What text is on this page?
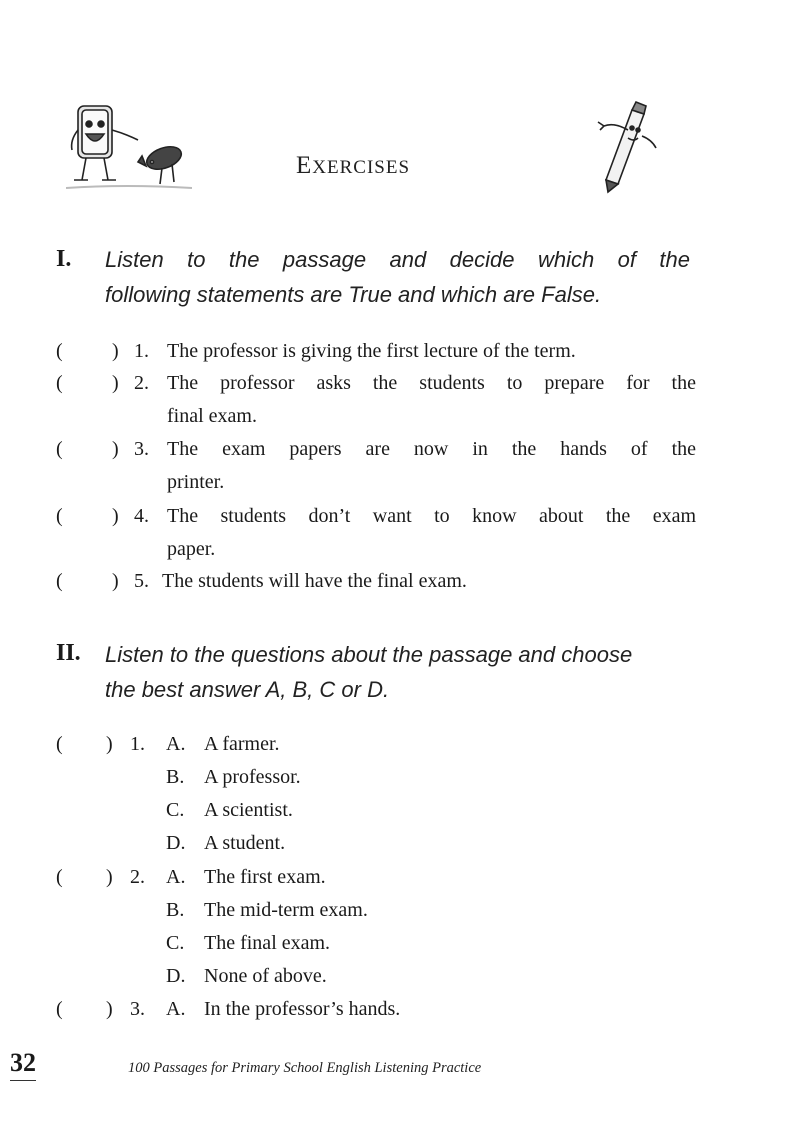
EXERCISES
I. Listen to the passage and decide which of the
following statements are True and which are False.
( ) 1. The professor is giving the first lecture of the term.
( ) 2. The professor asks the students to prepare for the
final exam.
( ) 3. The exam papers are now in the hands of the
printer.
( ) 4. The students don’t want to know about the exam
paper.
( ) 5. The students will have the final exam.
II. Listen to the questions about the passage and choose
the best answer A, B, C or D.
( ) 1. A. A farmer.
B. A professor.
C. A scientist.
D. A student.
( ) 2. A. The first exam.
B. The mid-term exam.
C. The final exam.
D. None of above.
( ) 3. A. In the professor’s hands.
32	100 Passages for Primary School English Listening Practice
